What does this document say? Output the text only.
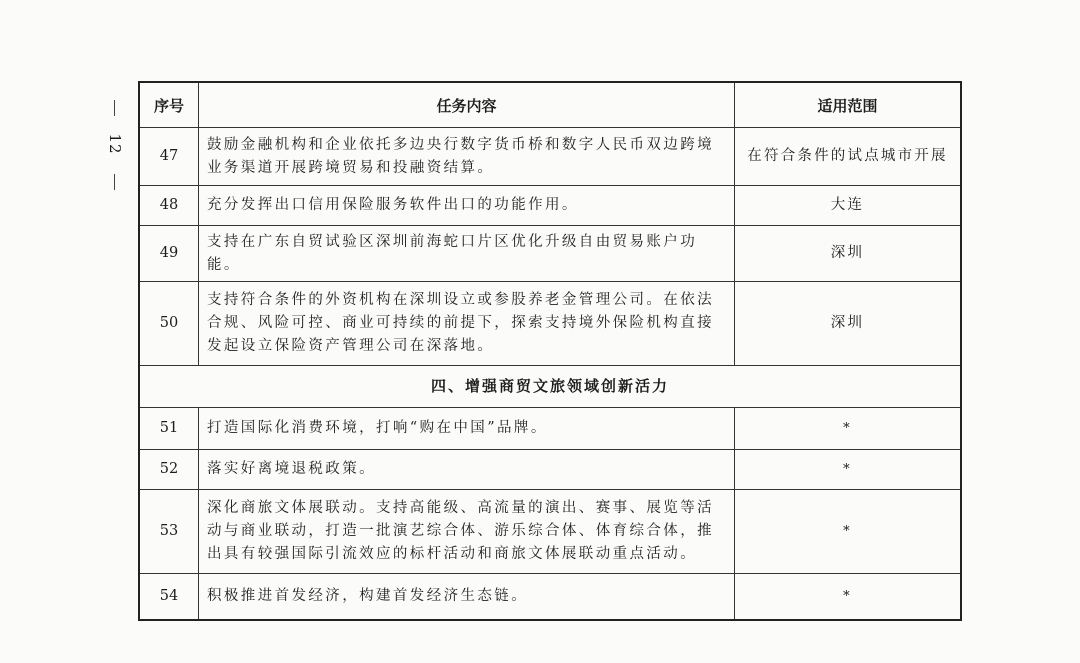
12
序号	任务内容	适用范围
47	鼓励金融机构和企业依托多边央行数字货币桥和数字人民币双边跨境业务渠道开展跨境贸易和投融资结算。	在符合条件的试点城市开展
48	充分发挥出口信用保险服务软件出口的功能作用。	大连
49	支持在广东自贸试验区深圳前海蛇口片区优化升级自由贸易账户功能。	深圳
50	支持符合条件的外资机构在深圳设立或参股养老金管理公司。在依法合规、风险可控、商业可持续的前提下，探索支持境外保险机构直接发起设立保险资产管理公司在深落地。	深圳
四、增强商贸文旅领域创新活力		
51	打造国际化消费环境，打响“购在中国”品牌。	*
52	落实好离境退税政策。	*
53	深化商旅文体展联动。支持高能级、高流量的演出、赛事、展览等活动与商业联动，打造一批演艺综合体、游乐综合体、体育综合体，推出具有较强国际引流效应的标杆活动和商旅文体展联动重点活动。	*
54	积极推进首发经济，构建首发经济生态链。	*
